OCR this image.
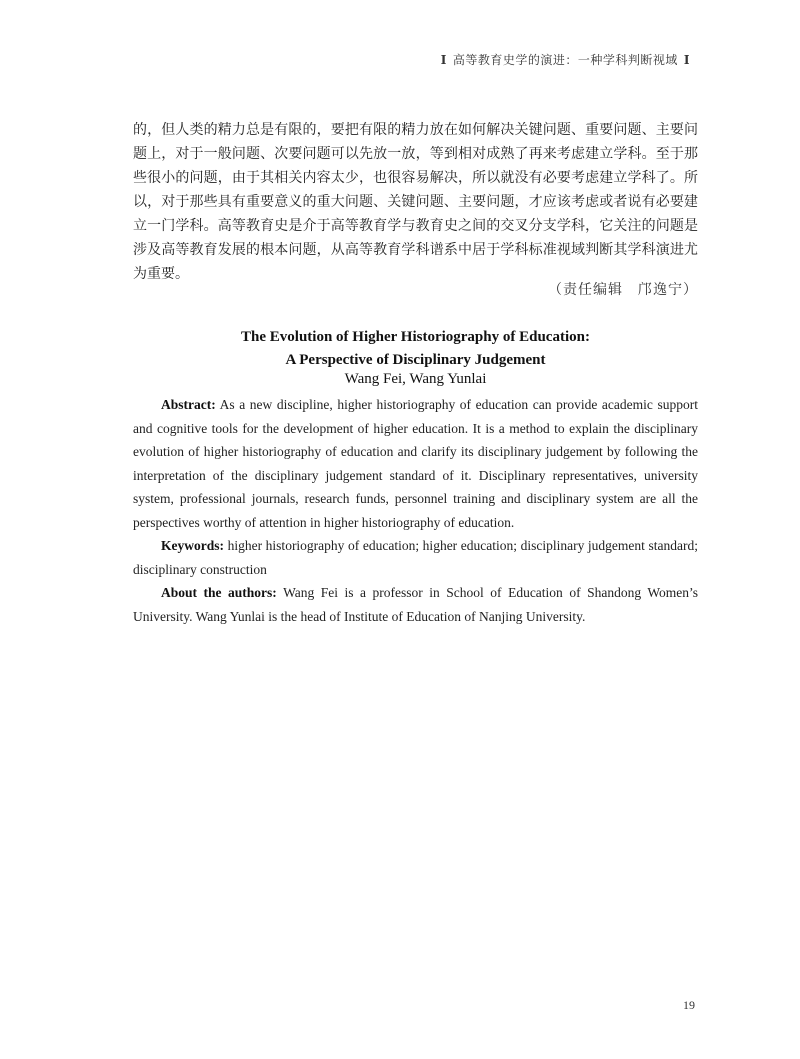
I 高等教育史学的演进：一种学科判断视域 I

的，但人类的精力总是有限的，要把有限的精力放在如何解决关键问题、重要问题、主要问题上，对于一般问题、次要问题可以先放一放，等到相对成熟了再来考虑建立学科。至于那些很小的问题，由于其相关内容太少，也很容易解决，所以就没有必要考虑建立学科了。所以，对于那些具有重要意义的重大问题、关键问题、主要问题，才应该考虑或者说有必要建立一门学科。高等教育史是介于高等教育学与教育史之间的交叉分支学科，它关注的问题是涉及高等教育发展的根本问题，从高等教育学科谱系中居于学科标准视域判断其学科演进尤为重要。

（责任编辑　邝逸宁）
The Evolution of Higher Historiography of Education:
A Perspective of Disciplinary Judgement
Wang Fei, Wang Yunlai

Abstract: As a new discipline, higher historiography of education can provide academic support and cognitive tools for the development of higher education. It is a method to explain the disciplinary evolution of higher historiography of education and clarify its disciplinary judgement by following the interpretation of the disciplinary judgement standard of it. Disciplinary representatives, university system, professional journals, research funds, personnel training and disciplinary system are all the perspectives worthy of attention in higher historiography of education.

Keywords: higher historiography of education; higher education; disciplinary judgement standard; disciplinary construction

About the authors: Wang Fei is a professor in School of Education of Shandong Women’s University. Wang Yunlai is the head of Institute of Education of Nanjing University.

19
